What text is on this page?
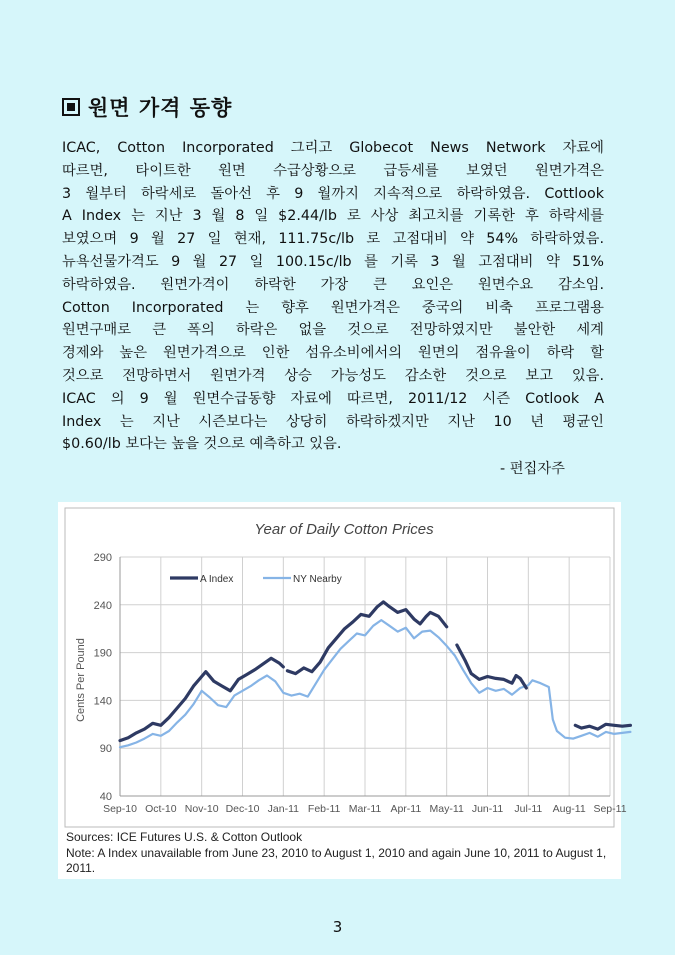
원면 가격 동향
ICAC, Cotton Incorporated 그리고 Globecot News Network 자료에
따르면, 타이트한 원면 수급상황으로 급등세를 보였던 원면가격은
3 월부터 하락세로 돌아선 후 9 월까지 지속적으로 하락하였음. Cottlook
A Index 는 지난 3 월 8 일 $2.44/lb 로 사상 최고치를 기록한 후 하락세를
보였으며 9 월 27 일 현재, 111.75c/lb 로 고점대비 약 54% 하락하였음.
뉴욕선물가격도 9 월 27 일 100.15c/lb 를 기록 3 월 고점대비 약 51%
하락하였음. 원면가격이 하락한 가장 큰 요인은 원면수요 감소임.
Cotton Incorporated 는 향후 원면가격은 중국의 비축 프로그램용
원면구매로 큰 폭의 하락은 없을 것으로 전망하였지만 불안한 세계
경제와 높은 원면가격으로 인한 섬유소비에서의 원면의 점유율이 하락 할
것으로 전망하면서 원면가격 상승 가능성도 감소한 것으로 보고 있음.
ICAC 의 9 월 원면수급동향 자료에 따르면, 2011/12 시즌 Cotlook A
Index 는 지난 시즌보다는 상당히 하락하겠지만 지난 10 년 평균인
$0.60/lb 보다는 높을 것으로 예측하고 있음.
- 편집자주
Year of Daily Cotton Prices
Cents Per Pound
40
90
140
190
240
290
Sep-10 Oct-10 Nov-10 Dec-10 Jan-11 Feb-11 Mar-11 Apr-11 May-11 Jun-11 Jul-11 Aug-11 Sep-11
A Index	NY Nearby
Sources: ICE Futures U.S. & Cotton Outlook
Note: A Index unavailable from June 23, 2010 to August 1, 2010 and again June 10, 2011 to August 1, 2011.
3
